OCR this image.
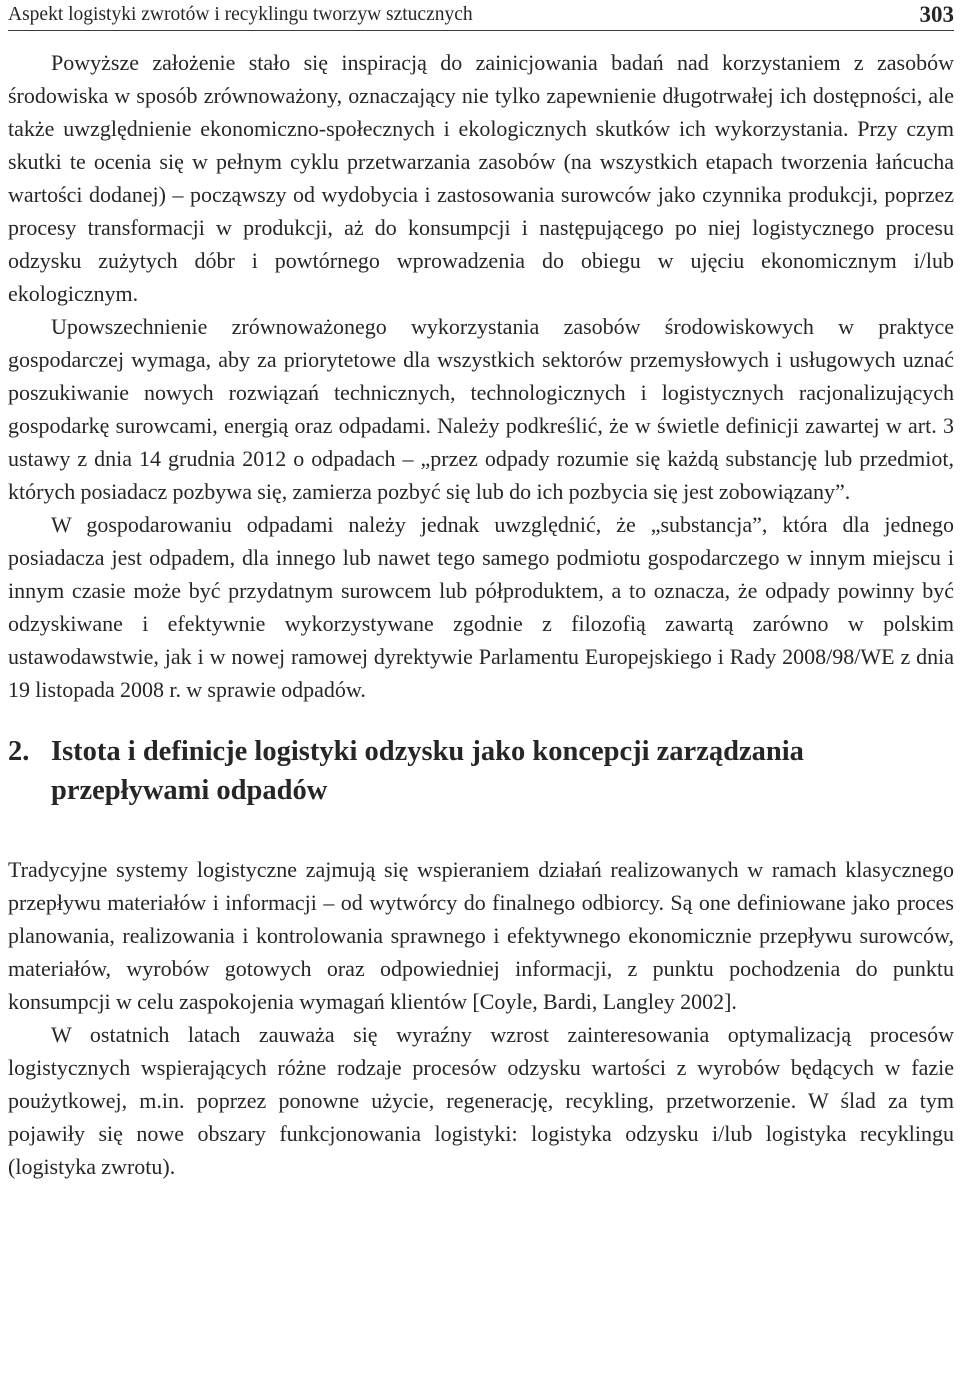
Aspekt logistyki zwrotów i recyklingu tworzyw sztucznych	303

Powyższe założenie stało się inspiracją do zainicjowania badań nad korzystaniem z zasobów środowiska w sposób zrównoważony, oznaczający nie tylko zapewnienie długotrwałej ich dostępności, ale także uwzględnienie ekonomiczno-społecznych i ekologicznych skutków ich wykorzystania. Przy czym skutki te ocenia się w pełnym cyklu przetwarzania zasobów (na wszystkich etapach tworzenia łańcucha wartości dodanej) – począwszy od wydobycia i zastosowania surowców jako czynnika produkcji, poprzez procesy transformacji w produkcji, aż do konsumpcji i następującego po niej logistycznego procesu odzysku zużytych dóbr i powtórnego wprowadzenia do obiegu w ujęciu ekonomicznym i/lub ekologicznym.

Upowszechnienie zrównoważonego wykorzystania zasobów środowiskowych w praktyce gospodarczej wymaga, aby za priorytetowe dla wszystkich sektorów przemysłowych i usługowych uznać poszukiwanie nowych rozwiązań technicznych, technologicznych i logistycznych racjonalizujących gospodarkę surowcami, energią oraz odpadami. Należy podkreślić, że w świetle definicji zawartej w art. 3 ustawy z dnia 14 grudnia 2012 o odpadach – „przez odpady rozumie się każdą substancję lub przedmiot, których posiadacz pozbywa się, zamierza pozbyć się lub do ich pozbycia się jest zobowiązany”.

W gospodarowaniu odpadami należy jednak uwzględnić, że „substancja”, która dla jednego posiadacza jest odpadem, dla innego lub nawet tego samego podmiotu gospodarczego w innym miejscu i innym czasie może być przydatnym surowcem lub półproduktem, a to oznacza, że odpady powinny być odzyskiwane i efektywnie wykorzystywane zgodnie z filozofią zawartą zarówno w polskim ustawodawstwie, jak i w nowej ramowej dyrektywie Parlamentu Europejskiego i Rady 2008/98/WE z dnia 19 listopada 2008 r. w sprawie odpadów.

2. Istota i definicje logistyki odzysku jako koncepcji zarządzania przepływami odpadów

Tradycyjne systemy logistyczne zajmują się wspieraniem działań realizowanych w ramach klasycznego przepływu materiałów i informacji – od wytwórcy do finalnego odbiorcy. Są one definiowane jako proces planowania, realizowania i kontrolowania sprawnego i efektywnego ekonomicznie przepływu surowców, materiałów, wyrobów gotowych oraz odpowiedniej informacji, z punktu pochodzenia do punktu konsumpcji w celu zaspokojenia wymagań klientów [Coyle, Bardi, Langley 2002].

W ostatnich latach zauważa się wyraźny wzrost zainteresowania optymalizacją procesów logistycznych wspierających różne rodzaje procesów odzysku wartości z wyrobów będących w fazie poużytkowej, m.in. poprzez ponowne użycie, regenerację, recykling, przetworzenie. W ślad za tym pojawiły się nowe obszary funkcjonowania logistyki: logistyka odzysku i/lub logistyka recyklingu (logistyka zwrotu).
